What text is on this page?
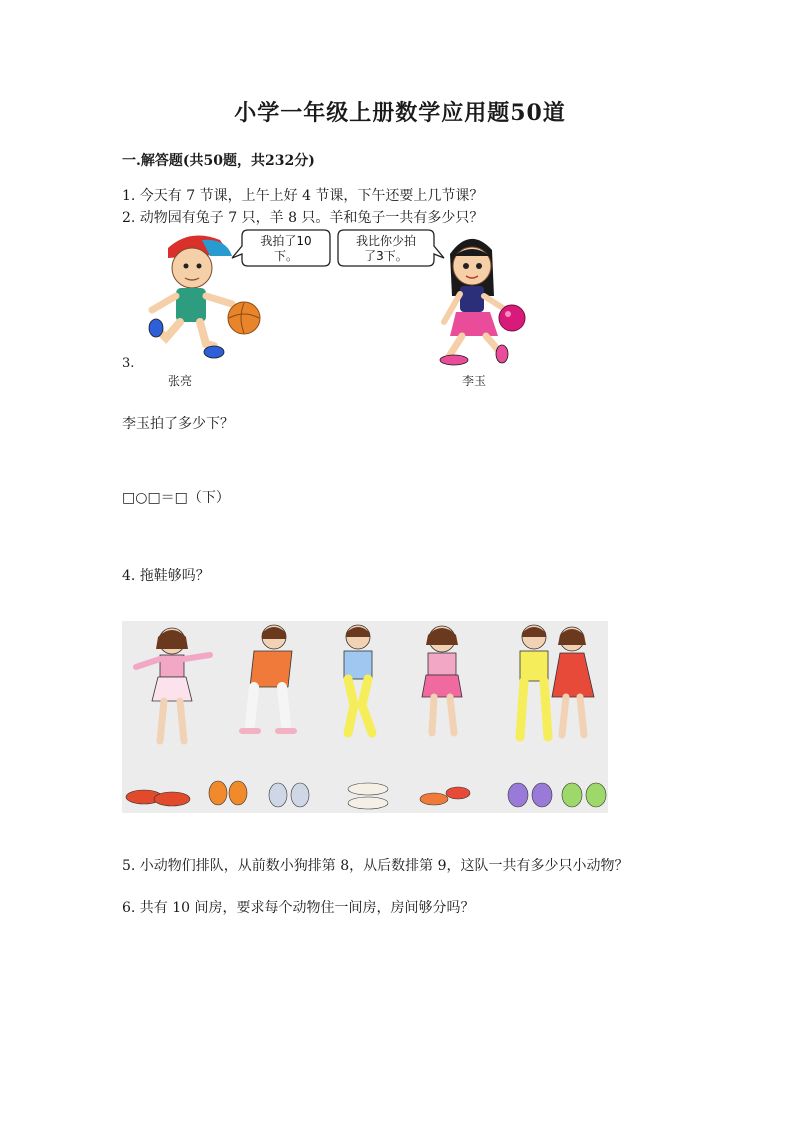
小学一年级上册数学应用题50道
一.解答题(共50题，共232分)
1. 今天有 7 节课，上午上好 4 节课，下午还要上几节课？
2. 动物园有兔子 7 只，羊 8 只。羊和兔子一共有多少只？
我拍了10
下。
我比你少拍
了3下。
3.
张亮	李玉
李玉拍了多少下？
□○□＝□（下）
4. 拖鞋够吗？
5. 小动物们排队，从前数小狗排第 8，从后数排第 9，这队一共有多少只小动物？
6. 共有 10 间房，要求每个动物住一间房，房间够分吗？
